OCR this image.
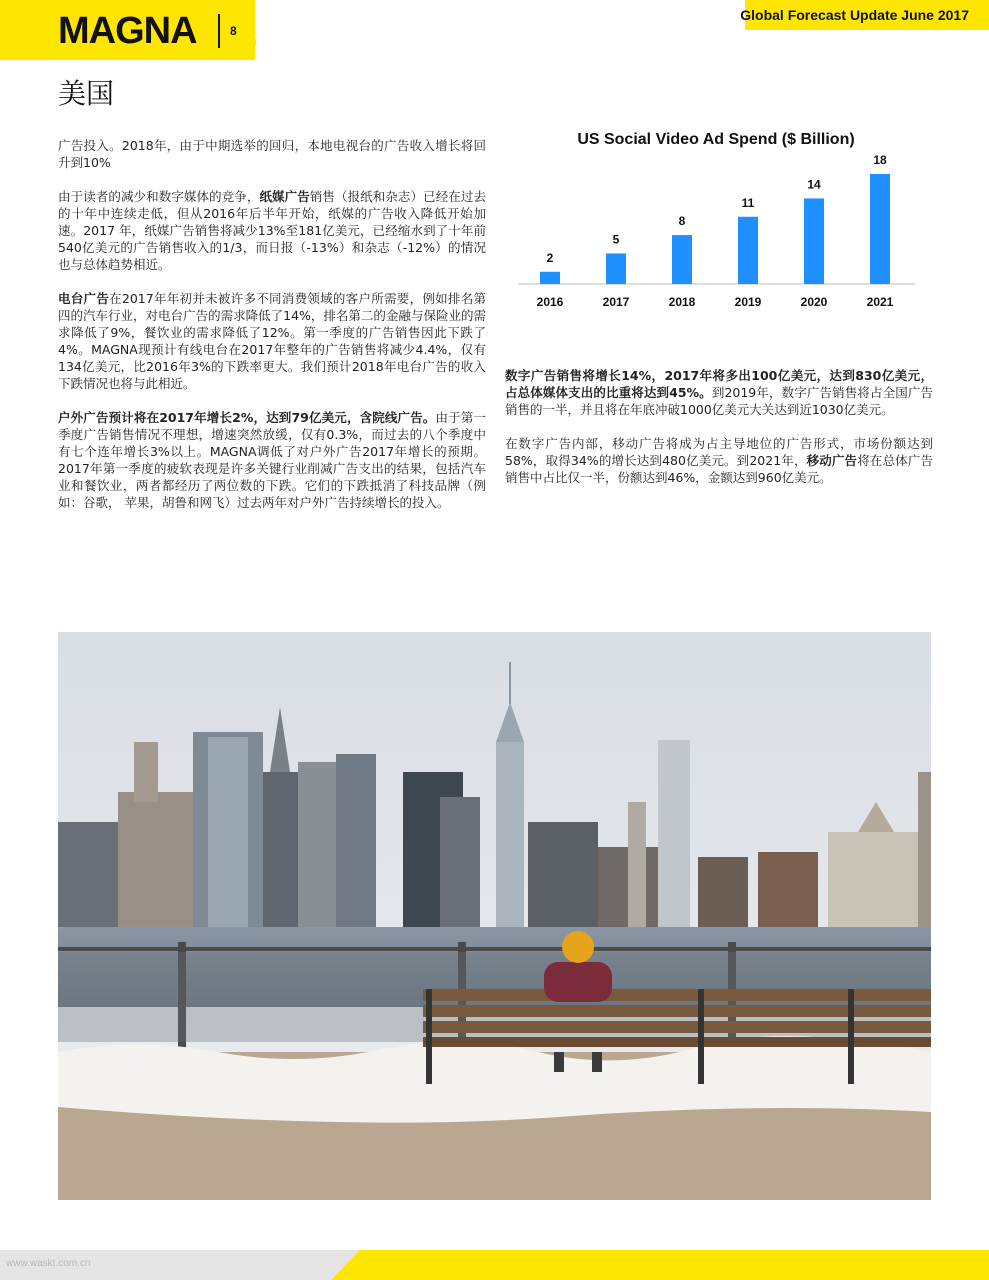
MAGNA	8
Global Forecast Update June 2017
美国

广告投入。2018年，由于中期选举的回归，本地电视台的广告收入增长将回升到10%

由于读者的减少和数字媒体的竞争，纸媒广告销售（报纸和杂志）已经在过去的十年中连续走低，但从2016年后半年开始，纸媒的广告收入降低开始加速。2017 年，纸媒广告销售将减少13%至181亿美元，已经缩水到了十年前540亿美元的广告销售收入的1/3，而日报（-13%）和杂志（-12%）的情况也与总体趋势相近。

电台广告在2017年年初并未被许多不同消费领域的客户所需要，例如排名第四的汽车行业，对电台广告的需求降低了14%，排名第二的金融与保险业的需求降低了9%，餐饮业的需求降低了12%。第一季度的广告销售因此下跌了4%。MAGNA现预计有线电台在2017年整年的广告销售将减少4.4%，仅有134亿美元，比2016年3%的下跌率更大。我们预计2018年电台广告的收入下跌情况也将与此相近。

户外广告预计将在2017年增长2%，达到79亿美元，含院线广告。由于第一季度广告销售情况不理想，增速突然放缓，仅有0.3%，而过去的八个季度中有七个连年增长3%以上。MAGNA调低了对户外广告2017年增长的预期。2017年第一季度的疲软表现是许多关键行业削减广告支出的结果，包括汽车业和餐饮业，两者都经历了两位数的下跌。它们的下跌抵消了科技品牌（例如：谷歌， 苹果，胡鲁和网飞）过去两年对户外广告持续增长的投入。

US Social Video Ad Spend ($ Billion)
2
2016
5
2017
8
2018
11
2019
14
2020
18
2021

数字广告销售将增长14%，2017年将多出100亿美元，达到830亿美元，占总体媒体支出的比重将达到45%。到2019年，数字广告销售将占全国广告销售的一半，并且将在年底冲破1000亿美元大关达到近1030亿美元。

在数字广告内部，移动广告将成为占主导地位的广告形式，市场份额达到58%，取得34%的增长达到480亿美元。到2021年，移动广告将在总体广告销售中占比仅一半，份额达到46%，金额达到960亿美元。

www.waskt.com.cn
